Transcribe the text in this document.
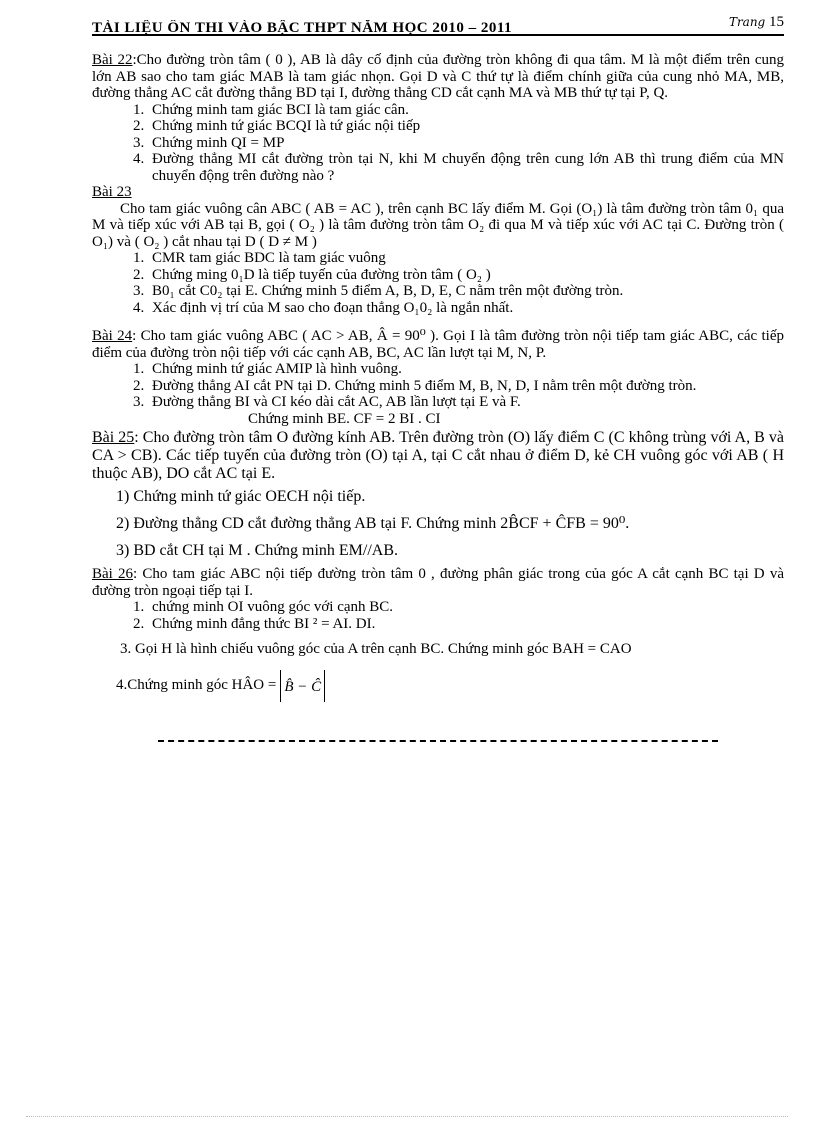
TÀI LIỆU ÔN THI VÀO BẬC THPT NĂM HỌC 2010 – 2011	Trang 15

Bài 22:Cho đường tròn tâm ( 0 ), AB là dây cố định của đường tròn không đi qua tâm. M là một điểm trên cung lớn AB sao cho tam giác MAB là tam giác nhọn. Gọi D và C thứ tự là điểm chính giữa của cung nhỏ MA, MB, đường thẳng AC cắt đường thẳng BD tại I, đường thẳng CD cắt cạnh MA và MB thứ tự tại P, Q.

1. Chứng minh tam giác BCI là tam giác cân.
2. Chứng minh tứ giác BCQI là tứ giác nội tiếp
3. Chứng minh QI = MP
4. Đường thẳng MI cắt đường tròn tại N, khi M chuyển động trên cung lớn AB thì trung điểm của MN chuyển động trên đường nào ?

Bài 23

Cho tam giác vuông cân ABC ( AB = AC ), trên cạnh BC lấy điểm M. Gọi (O₁) là tâm đường tròn tâm 0₁ qua M và tiếp xúc với AB tại B, gọi ( O₂ ) là tâm đường tròn tâm O₂ đi qua M và tiếp xúc với AC tại C. Đường tròn ( O₁) và ( O₂ ) cắt nhau tại D ( D ≠ M )

1. CMR tam giác BDC là tam giác vuông
2. Chứng ming 0₁D là tiếp tuyến của đường tròn tâm ( O₂ )
3. B0₁ cắt C0₂ tại E. Chứng minh 5 điểm A, B, D, E, C nằm trên một đường tròn.
4. Xác định vị trí của M sao cho đoạn thẳng O₁0₂ là ngắn nhất.

Bài 24: Cho tam giác vuông ABC ( AC > AB, Â = 90⁰ ). Gọi I là tâm đường tròn nội tiếp tam giác ABC, các tiếp điểm của đường tròn nội tiếp với các cạnh AB, BC, AC lần lượt tại M, N, P.

1. Chứng minh tứ giác AMIP là hình vuông.
2. Đường thẳng AI cắt PN tại D. Chứng minh 5 điểm M, B, N, D, I nằm trên một đường tròn.
3. Đường thẳng BI và CI kéo dài cắt AC, AB lần lượt tại E và F.
Chứng minh BE. CF = 2 BI . CI

Bài 25: Cho đường tròn tâm O đường kính AB. Trên đường tròn (O) lấy điểm C (C không trùng với A, B và CA > CB). Các tiếp tuyến của đường tròn (O) tại A, tại C cắt nhau ở điểm D, kẻ CH vuông góc với AB ( H thuộc AB), DO cắt AC tại E.

1) Chứng minh tứ giác OECH nội tiếp.
2) Đường thẳng CD cắt đường thẳng AB tại F. Chứng minh 2B̂CF + ĈFB = 90⁰.
3) BD cắt CH tại M . Chứng minh EM//AB.

Bài 26: Cho tam giác ABC nội tiếp đường tròn tâm 0 , đường phân giác trong của góc A cắt cạnh BC tại D và đường tròn ngoại tiếp tại I.

1. chứng minh OI vuông góc với cạnh BC.
2. Chứng minh đẳng thức BI ² = AI. DI.
3. Gọi H là hình chiếu vuông góc của A trên cạnh BC. Chứng minh góc BAH = CAO
4.Chứng minh góc HÂO = B̂ − Ĉ
